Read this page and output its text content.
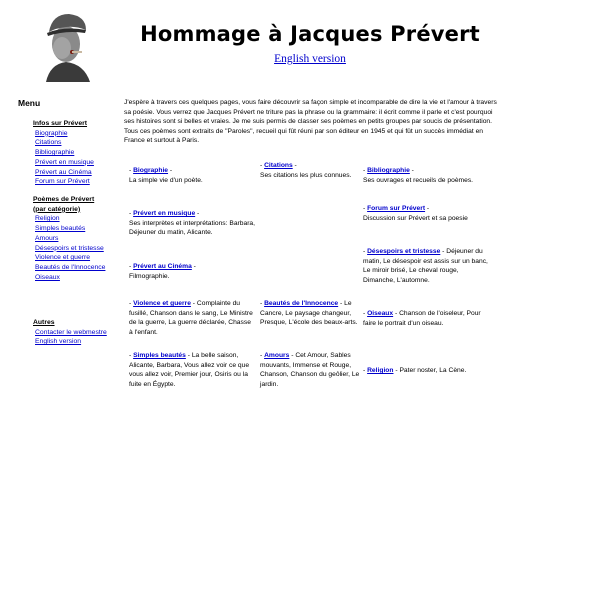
Hommage à Jacques Prévert
English version
Menu
Infos sur Prévert
Biographie
Citations
Bibliographie
Prévert en musique
Prévert au Cinéma
Forum sur Prévert
Poèmes de Prévert (par catégorie)
Religion
Simples beautés
Amours
Désespoirs et tristesse
Violence et guerre
Beautés de l'Innocence
Oiseaux
Autres
Contacter le webmestre
English version
J'espère à travers ces quelques pages, vous faire découvrir sa façon simple et incomparable de dire la vie et l'amour à travers sa poésie. Vous verrez que Jacques Prévert ne triture pas la phrase ou la grammaire: il écrit comme il parle et c'est pourquoi ses histoires sont si belles et vraies. Je me suis permis de classer ses poèmes en petits groupes par soucis de présentation. Tous ces poèmes sont extraits de "Paroles", recueil qui fût réuni par son éditeur en 1945 et qui fût un succès immédiat en France et surtout à Paris.
- Biographie -
La simple vie d'un poète.
- Citations -
Ses citations les plus connues.
- Bibliographie -
Ses ouvrages et recueils de poèmes.
- Prévert en musique -
Ses interprètes et interprétations: Barbara, Déjeuner du matin, Alicante.
- Forum sur Prévert -
Discussion sur Prévert et sa poesie
- Désespoirs et tristesse - Déjeuner du matin, Le désespoir est assis sur un banc, Le miroir brisé, Le cheval rouge, Dimanche, L'automne.
- Prévert au Cinéma -
Filmographie.
- Violence et guerre - Complainte du fusillé, Chanson dans le sang, Le Ministre de la guerre, La guerre déclarée, Chasse à l'enfant.
- Beautés de l'Innocence - Le Cancre, Le paysage changeur, Presque, L'école des beaux-arts.
- Oiseaux - Chanson de l'oiseleur, Pour faire le portrait d'un oiseau.
- Simples beautés - La belle saison, Alicante, Barbara, Vous allez voir ce que vous allez voir, Premier jour, Osiris ou la fuite en Égypte.
- Amours - Cet Amour, Sables mouvants, Immense et Rouge, Chanson, Chanson du geôlier, Le jardin.
- Religion - Pater noster, La Cène.
